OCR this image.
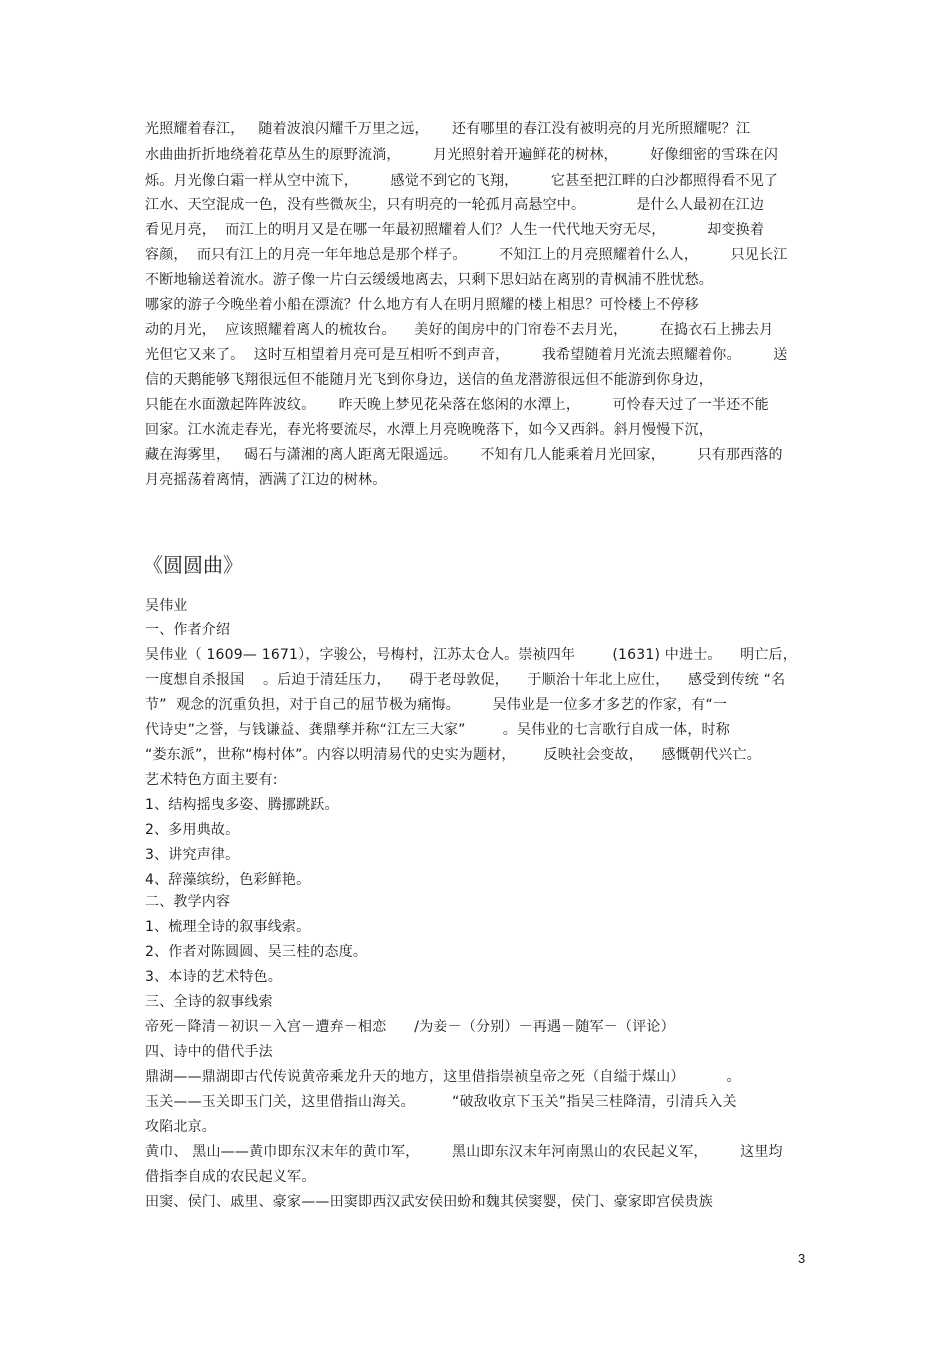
光照耀着春江，   随着波浪闪耀千万里之远，     还有哪里的春江没有被明亮的月光所照耀呢？江
水曲曲折折地绕着花草丛生的原野流淌，       月光照射着开遍鲜花的树林，       好像细密的雪珠在闪
烁。月光像白霜一样从空中流下，       感觉不到它的飞翔，       它甚至把江畔的白沙都照得看不见了
江水、天空混成一色，没有些微灰尘，只有明亮的一轮孤月高悬空中。           是什么人最初在江边
看见月亮，  而江上的明月又是在哪一年最初照耀着人们？人生一代代地天穷无尽，         却变换着
容颜，  而只有江上的月亮一年年地总是那个样子。       不知江上的月亮照耀着什么人，       只见长江
不断地输送着流水。游子像一片白云缓缓地离去，只剩下思妇站在离别的青枫浦不胜忧愁。
哪家的游子今晚坐着小船在漂流？什么地方有人在明月照耀的楼上相思？可怜楼上不停移
动的月光，  应该照耀着离人的梳妆台。    美好的闺房中的门帘卷不去月光，       在捣衣石上拂去月
光但它又来了。  这时互相望着月亮可是互相听不到声音，       我希望随着月光流去照耀着你。       送
信的天鹅能够飞翔很远但不能随月光飞到你身边，送信的鱼龙潜游很远但不能游到你身边，
只能在水面激起阵阵波纹。     昨天晚上梦见花朵落在悠闲的水潭上，       可怜春天过了一半还不能
回家。江水流走春光，春光将要流尽，水潭上月亮晚晚落下，如今又西斜。斜月慢慢下沉，
藏在海雾里，   碣石与潇湘的离人距离无限遥远。     不知有几人能乘着月光回家，       只有那西落的
月亮摇荡着离情，洒满了江边的树林。
《圆圆曲》
吴伟业
一、作者介绍
吴伟业（ 1609— 1671），字骏公，号梅村，江苏太仓人。崇祯四年        (1631) 中进士。    明亡后，
一度想自杀报国    。后迫于清廷压力，    碍于老母敦促，    于顺治十年北上应仕，    感受到传统 “名
节”  观念的沉重负担，对于自己的屈节极为痛悔。       吴伟业是一位多才多艺的作家，有“一
代诗史”之誉，与钱谦益、龚鼎孳并称“江左三大家”        。吴伟业的七言歌行自成一体，时称
“娄东派”，世称“梅村体”。内容以明清易代的史实为题材，      反映社会变故，    感慨朝代兴亡。
艺术特色方面主要有:
1、结构摇曳多姿、腾挪跳跃。
2、多用典故。
3、讲究声律。
4、辞藻缤纷，色彩鲜艳。
二、教学内容
1、梳理全诗的叙事线索。
2、作者对陈圆圆、吴三桂的态度。
3、本诗的艺术特色。
三、全诗的叙事线索
帝死－降清－初识－入宫－遭弃－相恋      /为妾－（分别）－再遇－随军－（评论）
四、诗中的借代手法
鼎湖——鼎湖即古代传说黄帝乘龙升天的地方，这里借指崇祯皇帝之死（自缢于煤山）         。
玉关——玉关即玉门关，这里借指山海关。        “破敌收京下玉关”指吴三桂降清，引清兵入关
攻陷北京。
黄巾、 黑山——黄巾即东汉末年的黄巾军，       黑山即东汉末年河南黑山的农民起义军，       这里均
借指李自成的农民起义军。
田窦、侯门、戚里、豪家——田窦即西汉武安侯田蚡和魏其侯窦婴，侯门、豪家即宫侯贵族
3
